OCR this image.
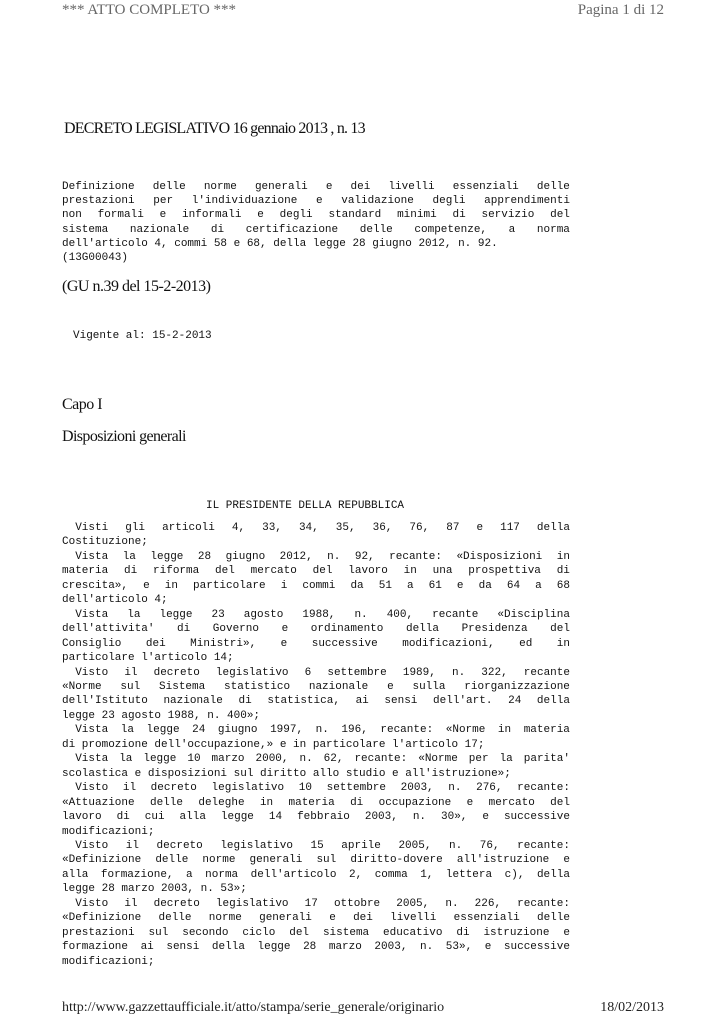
*** ATTO COMPLETO ***	Pagina 1 di 12
DECRETO LEGISLATIVO 16 gennaio 2013 , n. 13
Definizione delle norme generali e dei livelli essenziali delle
prestazioni per l'individuazione e validazione degli apprendimenti
non formali e informali e degli standard minimi di servizio del
sistema nazionale di certificazione delle competenze, a norma
dell'articolo 4, commi 58 e 68, della legge 28 giugno 2012, n. 92.
(13G00043)
(GU n.39 del 15-2-2013)
Vigente al: 15-2-2013
Capo I
Disposizioni generali
IL PRESIDENTE DELLA REPUBBLICA
Visti gli articoli 4, 33, 34, 35, 36, 76, 87 e 117 della
Costituzione;
Vista la legge 28 giugno 2012, n. 92, recante: «Disposizioni in
materia di riforma del mercato del lavoro in una prospettiva di
crescita», e in particolare i commi da 51 a 61 e da 64 a 68
dell'articolo 4;
Vista la legge 23 agosto 1988, n. 400, recante «Disciplina
dell'attivita' di Governo e ordinamento della Presidenza del
Consiglio dei Ministri», e successive modificazioni, ed in
particolare l'articolo 14;
Visto il decreto legislativo 6 settembre 1989, n. 322, recante
«Norme sul Sistema statistico nazionale e sulla riorganizzazione
dell'Istituto nazionale di statistica, ai sensi dell'art. 24 della
legge 23 agosto 1988, n. 400»;
Vista la legge 24 giugno 1997, n. 196, recante: «Norme in materia
di promozione dell'occupazione,» e in particolare l'articolo 17;
Vista la legge 10 marzo 2000, n. 62, recante: «Norme per la parita'
scolastica e disposizioni sul diritto allo studio e all'istruzione»;
Visto il decreto legislativo 10 settembre 2003, n. 276, recante:
«Attuazione delle deleghe in materia di occupazione e mercato del
lavoro di cui alla legge 14 febbraio 2003, n. 30», e successive
modificazioni;
Visto il decreto legislativo 15 aprile 2005, n. 76, recante:
«Definizione delle norme generali sul diritto-dovere all'istruzione e
alla formazione, a norma dell'articolo 2, comma 1, lettera c), della
legge 28 marzo 2003, n. 53»;
Visto il decreto legislativo 17 ottobre 2005, n. 226, recante:
«Definizione delle norme generali e dei livelli essenziali delle
prestazioni sul secondo ciclo del sistema educativo di istruzione e
formazione ai sensi della legge 28 marzo 2003, n. 53», e successive
modificazioni;
http://www.gazzettaufficiale.it/atto/stampa/serie_generale/originario	18/02/2013
